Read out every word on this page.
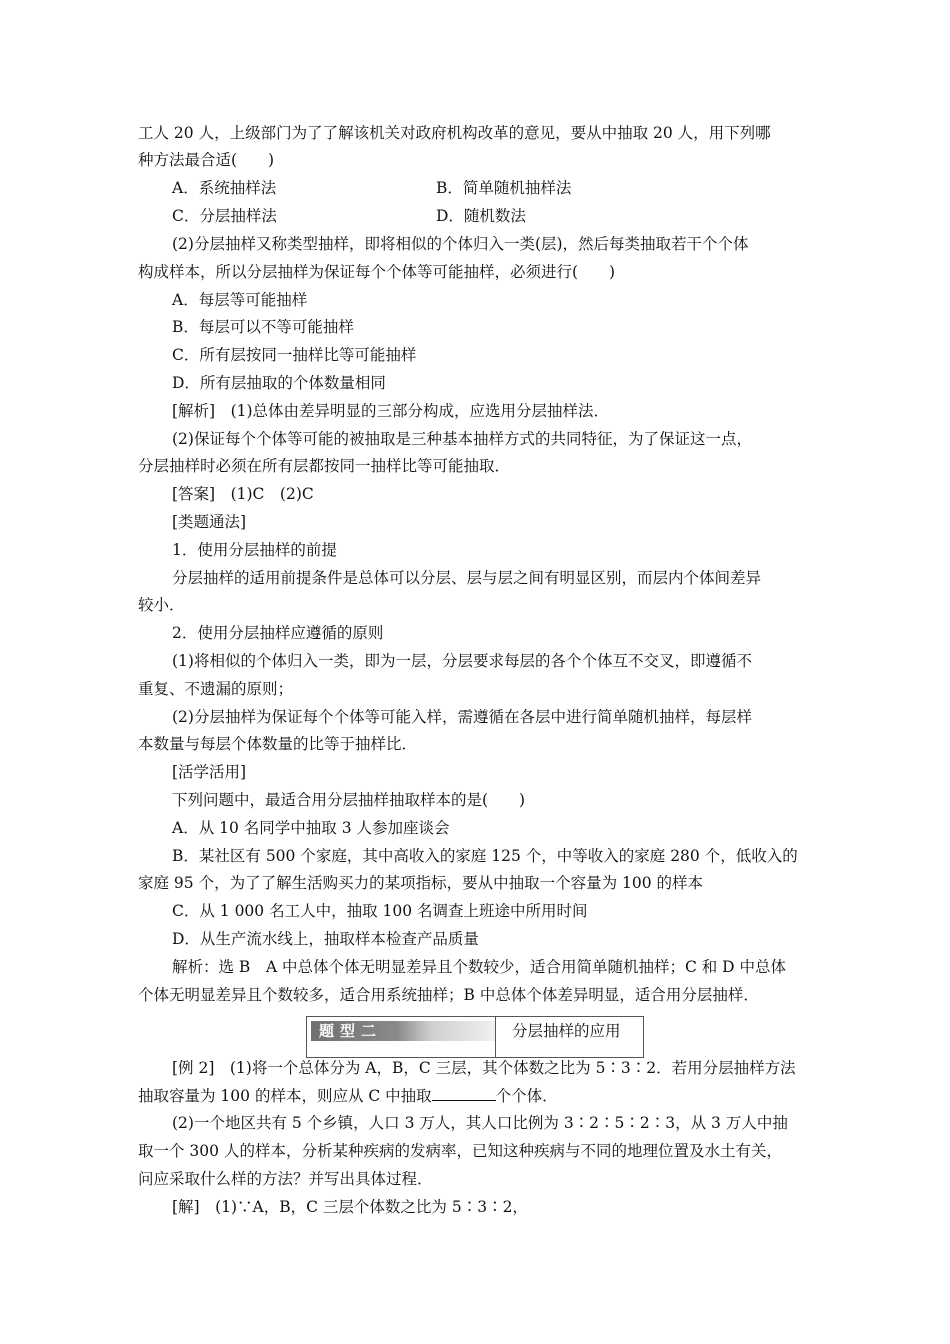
工人 20 人，上级部门为了了解该机关对政府机构改革的意见，要从中抽取 20 人，用下列哪
种方法最合适(　　)
A．系统抽样法	B．简单随机抽样法
C．分层抽样法	D．随机数法
(2)分层抽样又称类型抽样，即将相似的个体归入一类(层)，然后每类抽取若干个个体
构成样本，所以分层抽样为保证每个个体等可能抽样，必须进行(　　)
A．每层等可能抽样
B．每层可以不等可能抽样
C．所有层按同一抽样比等可能抽样
D．所有层抽取的个体数量相同
[解析]　(1)总体由差异明显的三部分构成，应选用分层抽样法．
(2)保证每个个体等可能的被抽取是三种基本抽样方式的共同特征，为了保证这一点，
分层抽样时必须在所有层都按同一抽样比等可能抽取．
[答案]　(1)C　(2)C
[类题通法]
1．使用分层抽样的前提
分层抽样的适用前提条件是总体可以分层、层与层之间有明显区别，而层内个体间差异
较小．
2．使用分层抽样应遵循的原则
(1)将相似的个体归入一类，即为一层，分层要求每层的各个个体互不交叉，即遵循不
重复、不遗漏的原则；
(2)分层抽样为保证每个个体等可能入样，需遵循在各层中进行简单随机抽样，每层样
本数量与每层个体数量的比等于抽样比．
[活学活用]
下列问题中，最适合用分层抽样抽取样本的是(　　)
A．从 10 名同学中抽取 3 人参加座谈会
B．某社区有 500 个家庭，其中高收入的家庭 125 个，中等收入的家庭 280 个，低收入的
家庭 95 个，为了了解生活购买力的某项指标，要从中抽取一个容量为 100 的样本
C．从 1 000 名工人中，抽取 100 名调查上班途中所用时间
D．从生产流水线上，抽取样本检查产品质量
解析：选 B　A 中总体个体无明显差异且个数较少，适合用简单随机抽样；C 和 D 中总体
个体无明显差异且个数较多，适合用系统抽样；B 中总体个体差异明显，适合用分层抽样．
题型二	分层抽样的应用
[例 2]　(1)将一个总体分为 A，B，C 三层，其个体数之比为 5∶3∶2．若用分层抽样方法
抽取容量为 100 的样本，则应从 C 中抽取	个个体．
(2)一个地区共有 5 个乡镇，人口 3 万人，其人口比例为 3∶2∶5∶2∶3，从 3 万人中抽
取一个 300 人的样本，分析某种疾病的发病率，已知这种疾病与不同的地理位置及水土有关，
问应采取什么样的方法？并写出具体过程．
[解]　(1)∵A，B，C 三层个体数之比为 5∶3∶2，
